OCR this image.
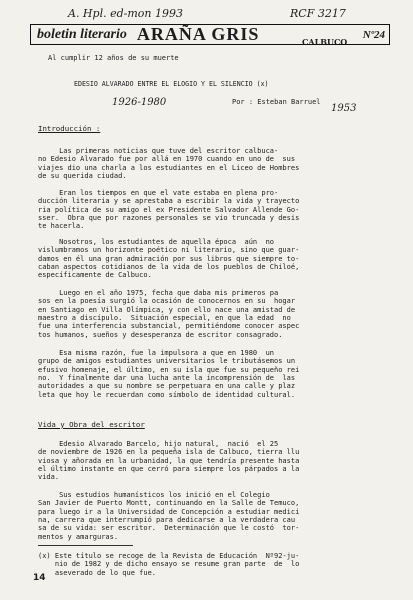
A. Hpl. ed-mon 1993	RCF 3217
CALBUCO
1926-1980
1953
boletin literario ARAÑA GRIS	Nº24
Al cumplir 12 años de su muerte
EDESIO ALVARADO ENTRE EL ELOGIO Y EL SILENCIO (x)
Por : Esteban Barruel
Introducción :
Las primeras noticias que tuve del escritor calbuca-
no Edesio Alvarado fue por allá en 1970 cuando en uno de  sus
viajes dio una charla a los estudiantes en el Liceo de Hombres
de su querida ciudad.
Eran los tiempos en que el vate estaba en plena pro-
ducción literaria y se aprestaba a escribir la vida y trayecto
ria política de su amigo el ex Presidente Salvador Allende Go-
sser.  Obra que por razones personales se vio truncada y desis
te hacerla.
Nosotros, los estudiantes de aquella época  aún  no
vislumbramos un horizonte poético ni literario, sino que guar-
damos en él una gran admiración por sus libros que siempre to-
caban aspectos cotidianos de la vida de los pueblos de Chiloé,
específicamente de Calbuco.
Luego en el año 1975, fecha que daba mis primeros pa
sos en la poesía surgió la ocasión de conocernos en su  hogar
en Santiago en Villa Olímpica, y con ello nace una amistad de
maestro a discípulo.  Situación especial, en que la edad  no
fue una interferencia substancial, permitiéndome conocer aspec
tos humanos, sueños y desesperanza de escritor consagrado.
Esa misma razón, fue la impulsora a que en 1980  un
grupo de amigos estudiantes universitarios le tributásemos un
efusivo homenaje, el último, en su isla que fue su pequeño rei
no.  Y finalmente dar una lucha ante la incomprensión de  las
autoridades a que su nombre se perpetuara en una calle y plaz
leta que hoy le recuerdan como símbolo de identidad cultural.
Vida y Obra del escritor
Edesio Alvarado Barcelo, hijo natural,  nació  el 25
de noviembre de 1926 en la pequeña isla de Calbuco, tierra llu
viosa y añorada en la urbanidad, la que tendría presente hasta
el último instante en que cerró para siempre los párpados a la
vida.
Sus estudios humanísticos los inició en el Colegio
San Javier de Puerto Montt, continuando en la Salle de Temuco,
para luego ir a la Universidad de Concepción a estudiar medici
na, carrera que interrumpió para dedicarse a la verdadera cau
sa de su vida: ser escritor.  Determinación que le costó  tor-
mentos y amarguras.
(x) Este título se recoge de la Revista de Educación  Nº92-ju-
nio de 1982 y de dicho ensayo se resume gran parte  de  lo
aseverado de lo que fue.
14
